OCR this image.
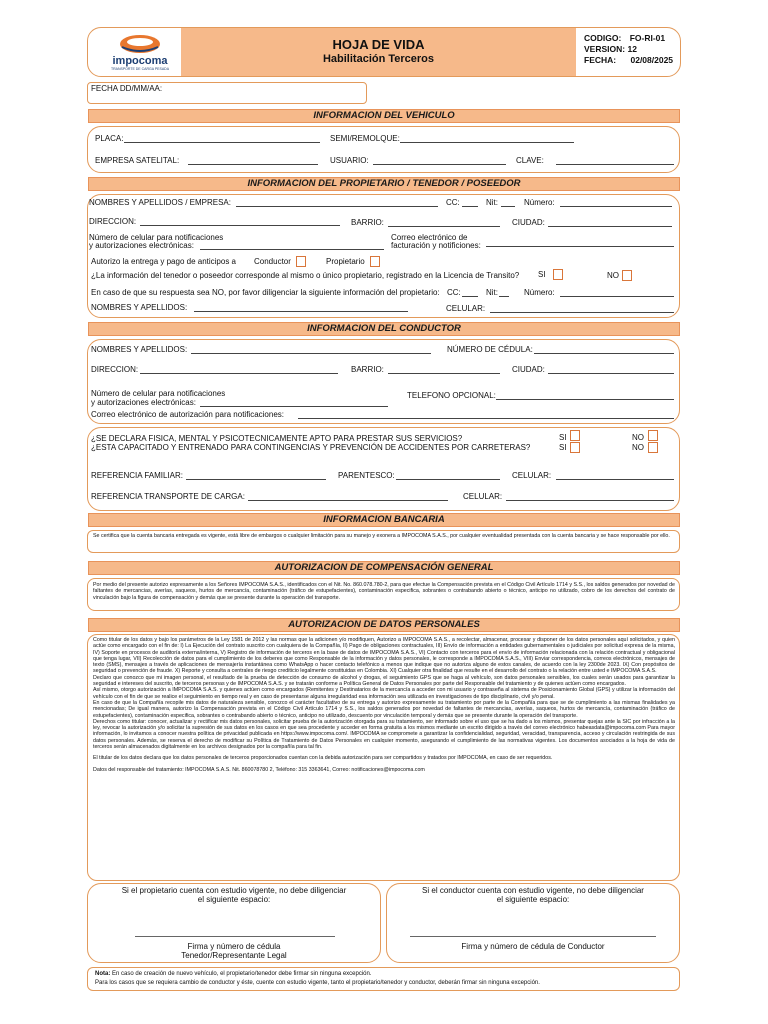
impocoma
TRANSPORTE DE CARGA PESADA
HOJA DE VIDA
Habilitación Terceros
CODIGO: FO-RI-01
VERSION: 12
FECHA: 02/08/2025
FECHA DD/MM/AA:
INFORMACION DEL VEHICULO
PLACA:	SEMI/REMOLQUE:
EMPRESA SATELITAL:	USUARIO:	CLAVE:
INFORMACION DEL PROPIETARIO / TENEDOR / POSEEDOR
NOMBRES Y APELLIDOS / EMPRESA:	CC:	Nit:	Número:
DIRECCION:	BARRIO:	CIUDAD:
Número de celular para notificaciones
y autorizaciones electrónicas:
Correo electrónico de
facturación y notificiones:
Autorizo la entrega y pago de anticipos a Conductor	Propietario
¿La información del tenedor o poseedor corresponde al mismo o único propietario, registrado en la Licencia de Transito? SI	NO
En caso de que su respuesta sea NO, por favor diligenciar la siguiente información del propietario: CC:	Nit:	Número:
NOMBRES Y APELLIDOS:	CELULAR:
INFORMACION DEL CONDUCTOR
NOMBRES Y APELLIDOS:	NÚMERO DE CÉDULA:
DIRECCION:	BARRIO:	CIUDAD:
Número de celular para notificaciones
y autorizaciones electrónicas:
TELEFONO OPCIONAL:
Correo electrónico de autorización para notificaciones:
¿SE DECLARA FISICA, MENTAL Y PSICOTECNICAMENTE APTO PARA PRESTAR SUS SERVICIOS?	SI	NO
¿ESTA CAPACITADO Y ENTRENADO PARA CONTINGENCIAS Y PREVENCIÓN DE ACCIDENTES POR CARRETERAS?	SI	NO
REFERENCIA FAMILIAR:	PARENTESCO:	CELULAR:
REFERENCIA TRANSPORTE DE CARGA:	CELULAR:
INFORMACION BANCARIA
Se certifica que la cuenta bancaria entregada es vigente, está libre de embargos o cualquier limitación para su manejo y exonera a IMPOCOMA S.A.S., por cualquier eventualidad presentada con la cuenta bancaria y se hace responsable por ello.
AUTORIZACION DE COMPENSACIÓN GENERAL
Por medio del presente autorizo expresamente a los Señores IMPOCOMA S.A.S., identificados con el Nit. No. 860.078.780-2, para que efectue la Compensación prevista en el Código Civil Artículo 1714 y S.S., los saldos generados por novedad de faltantes de mercancias, averías, saqueos, hurtos de mercancía, contaminación (tráfico de estupefacientes), contaminación especifica, sobrantes o contrabando abierto o técnico, anticipo no utilizado, cobro de los derechos del contrato de vinculación bajo la figura de compensación y demás que se presente durante la operación del transporte.
AUTORIZACION DE DATOS PERSONALES
Como titular de los datos y bajo los parámetros de la Ley 1581 de 2012 y las normas que la adicionen y/o modifiquen, Autorizo a IMPOCOMA S.A.S., a recolectar, almacenar, procesar y disponer de los datos personales aquí solicitados, y quien actúe como encargado con el fin de: I) La Ejecución del contrato suscrito con cualquiera de la Compañía, II) Pago de obligaciones contractuales, III) Envío de información a entidades gubernamentales o judiciales por solicitud expresa de la misma, IV) Soporte en procesos de auditoría externa/interna, V) Registro de información de terceros en la base de datos de IMPOCOMA S.A.S., VI) Contacto con terceros para el envío de información relacionada con la relación contractual y obligacional que tenga lugar, VII) Recolección de datos para el cumplimiento de los deberes que como Responsable de la información y datos personales, le corresponde a IMPOCOMA S.A.S., VIII) Enviar correspondencia, correos electrónicos, mensajes de texto (SMS), mensajes a través de aplicaciones de mensajería instantánea como WhatsApp o hacer contacto telefónico a menos que indique que no autoriza alguno de estos canales, de acuerdo con la ley 2300de 2023. IX) Con propósitos de seguridad o prevención de fraude. X) Reporte y consulta a centrales de riesgo crediticio legalmente constituidas en Colombia. XI) Cualquier otra finalidad que resulte en el desarrollo del contrato o la relación entre usted e IMPOCOMA S.A.S.
Declaro que conozco que mi imagen personal, el resultado de la prueba de detección de consumo de alcohol y drogas, el seguimiento GPS que se haga al vehículo, son datos personales sensibles, los cuales serán usados para garantizar la seguridad e intereses del suscrito, de terceros personas y de IMPOCOMA S.A.S. y se tratarán conforme a Política General de Datos Personales por parte del Responsable del tratamiento y de quienes actúen como encargados.
Así mismo, otorgo autorización a IMPOCOMA S.A.S. y quienes actúen como encargados (Remitentes y Destinatarios de la mercancía a acceder con mi usuario y contraseña al sistema de Posicionamiento Global (GPS) y utilizar la información del vehículo con el fin de que se realice el seguimiento en tiempo real y en caso de presentarse alguna irregularidad esa información sea utilizada en investigaciones de tipo disciplinario, civil y/o penal.
En caso de que la Compañía recopile mis datos de naturaleza sensible, conozco el carácter facultativo de su entrega y autorizo expresamente su tratamiento por parte de la Compañía para que se de cumplimiento a las mismas finalidades ya mencionadas; De igual manera, autorizo la Compensación prevista en el Código Civil Artículo 1714 y S.S., los saldos generados por novedad de faltantes de mercancias, averías, saqueos, hurtos de mercancía, contaminación (tráfico de estupefacientes), contaminación especifica, sobrantes o contrabando abierto o técnico, anticipo no utilizado, descuento por vinculación temporal y demás que se presente durante la operación del transporte.
Derechos como titular: conocer, actualizar y rectificar mis datos personales, solicitar prueba de la autorización otorgada para su tratamiento, ser informado sobre el uso que se ha dado a los mismos, presentar quejas ante la SIC por infracción a la ley, revocar la autorización y/o solicitar la supresión de sus datos en los casos en que sea procedente y acceder en forma gratuita a los mismos mediante un escrito dirigido a través del correo electrónico habeasdata@impocoma.com Para mayor información, lo invitamos a conocer nuestra política de privacidad publicada en https://www.impocoma.com/. IMPOCOMA se compromete a garantizar la confidencialidad, seguridad, veracidad, transparencia, acceso y circulación restringida de sus datos personales. Además, se reserva el derecho de modificar su Política de Tratamiento de Datos Personales en cualquier momento, asegurando el cumplimiento de las normativas vigentes. Los documentos asociados a la hoja de vida de terceros serán almacenados digitalmente en los archivos designados por la compañía para tal fin.
El titular de los datos declara que los datos personales de terceros proporcionados cuentan con la debida autorización para ser compartidos y tratados por IMPOCOMA, en caso de ser requeridos.
Datos del responsable del tratamiento: IMPOCOMA S.A.S. Nit. 860078780 2, Teléfono: 315 3363641, Correo: notificaciones@impocoma.com
Si el propietario cuenta con estudio vigente, no debe diligenciar
el siguiente espacio:
Firma y número de cédula
Tenedor/Representante Legal
Si el conductor cuenta con estudio vigente, no debe diligenciar
el siguiente espacio:
Firma y número de cédula de Conductor
Nota: En caso de creación de nuevo vehículo, el propietario/tenedor debe firmar sin ninguna excepción.
Para los casos que se requiera cambio de conductor y éste, cuente con estudio vigente, tanto el propietario/tenedor y conductor, deberán firmar sin ninguna excepción.
